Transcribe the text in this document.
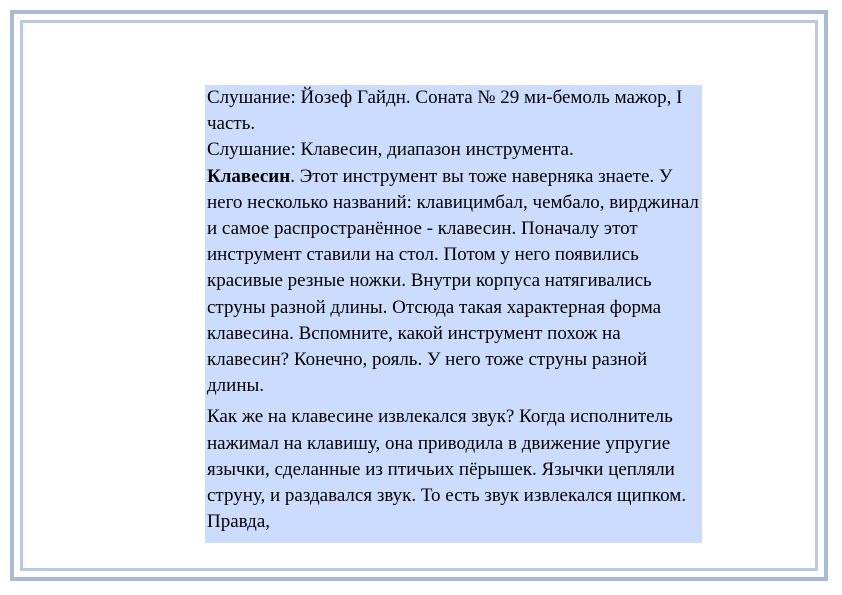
Слушание: Йозеф Гайдн. Соната № 29 ми-бемоль мажор, I часть.

Слушание: Клавесин, диапазон инструмента.

Клавесин. Этот инструмент вы тоже наверняка знаете. У него несколько названий: клавицимбал, чембало, вирджинал и самое распространённое - клавесин. Поначалу этот инструмент ставили на стол. Потом у него появились красивые резные ножки. Внутри корпуса натягивались струны разной длины. Отсюда такая характерная форма клавесина. Вспомните, какой инструмент похож на клавесин? Конечно, рояль. У него тоже струны разной длины.

Как же на клавесине извлекался звук? Когда исполнитель нажимал на клавишу, она приводила в движение упругие язычки, сделанные из птичьих пёрышек. Язычки цепляли струну, и раздавался звук. То есть звук извлекался щипком. Правда,
